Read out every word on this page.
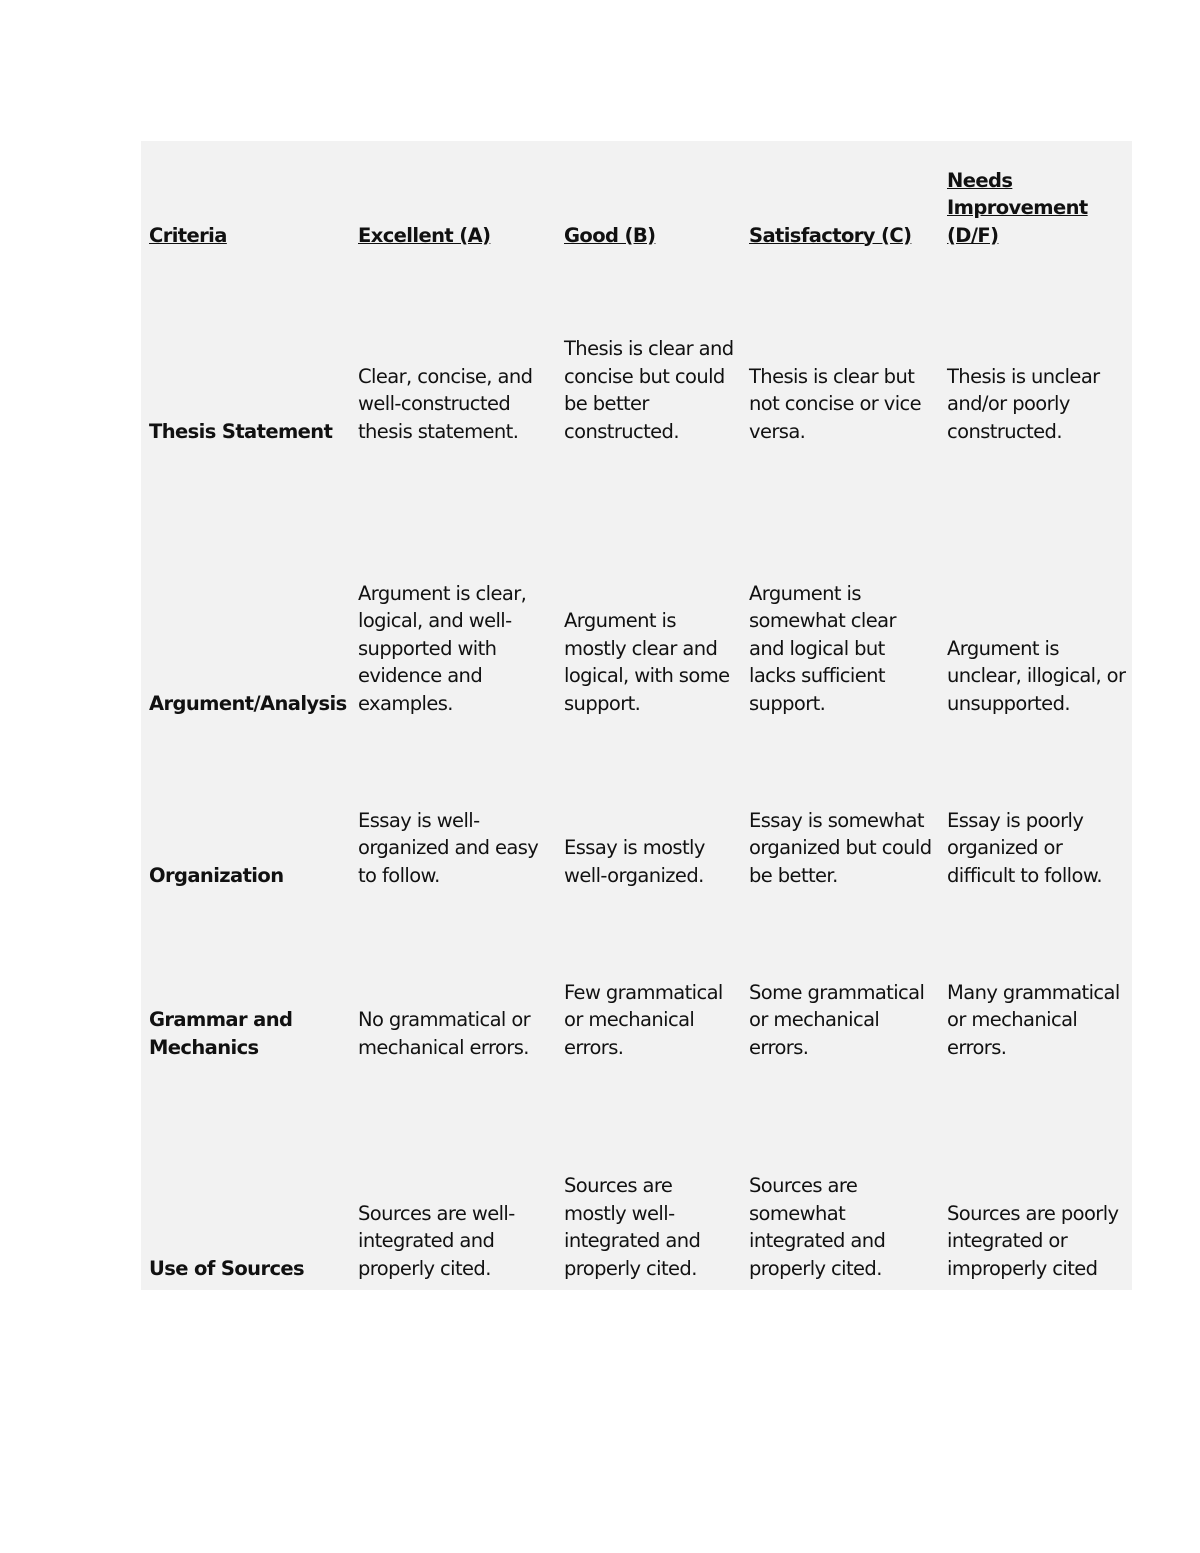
Criteria	Excellent (A)	Good (B)	Satisfactory (C)	Needs Improvement (D/F)
Thesis Statement	Clear, concise, and well-constructed thesis statement.	Thesis is clear and concise but could be better constructed.	Thesis is clear but not concise or vice versa.	Thesis is unclear and/or poorly constructed.
Argument/Analysis	Argument is clear, logical, and well-supported with evidence and examples.	Argument is mostly clear and logical, with some support.	Argument is somewhat clear and logical but lacks sufficient support.	Argument is unclear, illogical, or unsupported.
Organization	Essay is well-organized and easy to follow.	Essay is mostly well-organized.	Essay is somewhat organized but could be better.	Essay is poorly organized or difficult to follow.
Grammar and Mechanics	No grammatical or mechanical errors.	Few grammatical or mechanical errors.	Some grammatical or mechanical errors.	Many grammatical or mechanical errors.
Use of Sources	Sources are well-integrated and properly cited.	Sources are mostly well-integrated and properly cited.	Sources are somewhat integrated and properly cited.	Sources are poorly integrated or improperly cited
